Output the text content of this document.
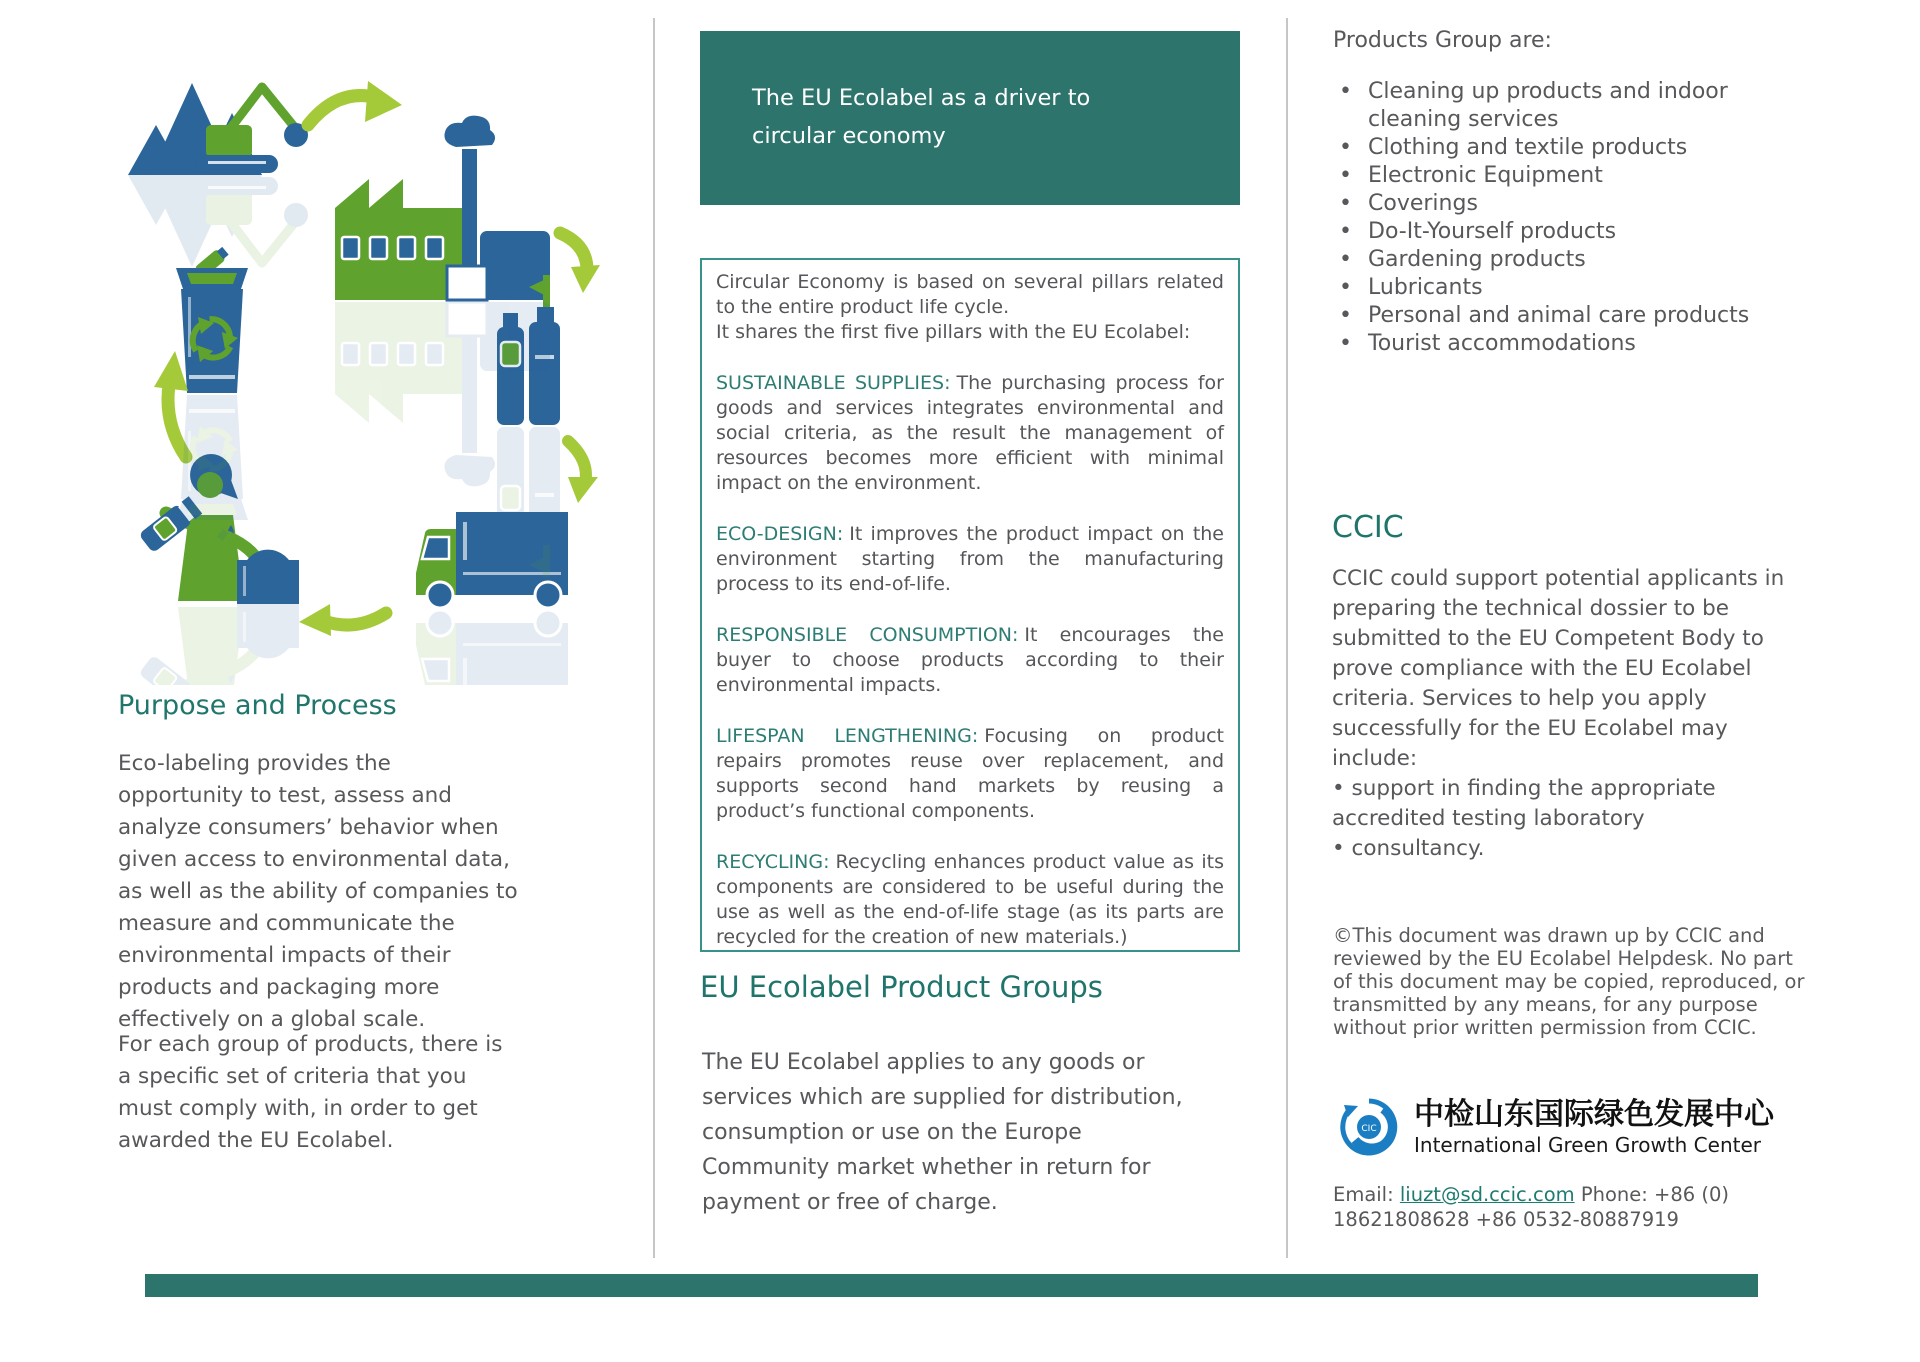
Purpose and Process

Eco-labeling provides the opportunity to test, assess and analyze consumers’ behavior when given access to environmental data, as well as the ability of companies to measure and communicate the environmental impacts of their products and packaging more effectively on a global scale.

For each group of products, there is a specific set of criteria that you must comply with, in order to get awarded the EU Ecolabel.

The EU Ecolabel as a driver to
circular economy

Circular Economy is based on several pillars related to the entire product life cycle.

It shares the first five pillars with the EU Ecolabel:

SUSTAINABLE SUPPLIES: The purchasing process for goods and services integrates environmental and social criteria, as the result the management of resources becomes more efficient with minimal impact on the environment.

ECO-DESIGN: It improves the product impact on the environment starting from the manufacturing process to its end-of-life.

RESPONSIBLE CONSUMPTION: It encourages the buyer to choose products according to their environmental impacts.

LIFESPAN LENGTHENING: Focusing on product repairs promotes reuse over replacement, and supports second hand markets by reusing a product’s functional components.

RECYCLING: Recycling enhances product value as its components are considered to be useful during the use as well as the end-of-life stage (as its parts are recycled for the creation of new materials.)

EU Ecolabel Product Groups

The EU Ecolabel applies to any goods or services which are supplied for distribution, consumption or use on the Europe Community market whether in return for payment or free of charge.

Products Group are:

• Cleaning up products and indoor cleaning services
• Clothing and textile products
• Electronic Equipment
• Coverings
• Do-It-Yourself products
• Gardening products
• Lubricants
• Personal and animal care products
• Tourist accommodations
CCIC

CCIC could support potential applicants in preparing the technical dossier to be submitted to the EU Competent Body to prove compliance with the EU Ecolabel criteria. Services to help you apply successfully for the EU Ecolabel may include:

• support in finding the appropriate accredited testing laboratory

• consultancy.

©This document was drawn up by CCIC and reviewed by the EU Ecolabel Helpdesk. No part of this document may be copied, reproduced, or transmitted by any means, for any purpose without prior written permission from CCIC.

CIC 中检山东国际绿色发展中心
International Green Growth Center

Email: liuzt@sd.ccic.com Phone: +86 (0) 18621808628 +86 0532-80887919
